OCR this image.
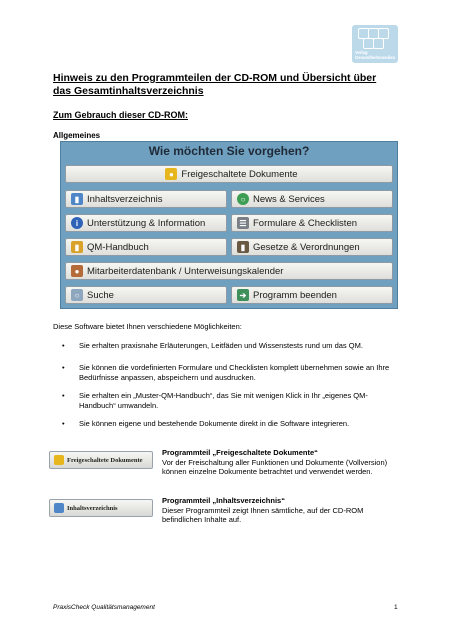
Verlag
Gesundheitsmedien
Hinweis zu den Programmteilen der CD-ROM und Übersicht über das Gesamtinhaltsverzeichnis
Zum Gebrauch dieser CD-ROM:
Allgemeines
Wie möchten Sie vorgehen?
● Freigeschaltete Dokumente
▮ Inhaltsverzeichnis	○ News & Services
i Unterstützung & Information	☰ Formulare & Checklisten
▮ QM-Handbuch	▮ Gesetze & Verordnungen
● Mitarbeiterdatenbank / Unterweisungskalender
○ Suche	➔ Programm beenden
Diese Software bietet Ihnen verschiedene Möglichkeiten:
• Sie erhalten praxisnahe Erläuterungen, Leitfäden und Wissenstests rund um das QM.
• Sie können die vordefinierten Formulare und Checklisten komplett übernehmen sowie an Ihre Bedürfnisse anpassen, abspeichern und ausdrucken.
• Sie erhalten ein „Muster-QM-Handbuch“, das Sie mit wenigen Klick in Ihr „eigenes QM-Handbuch“ umwandeln.
• Sie können eigene und bestehende Dokumente direkt in die Software integrieren.
Freigeschaltete Dokumente
Programmteil „Freigeschaltete Dokumente“
Vor der Freischaltung aller Funktionen und Dokumente (Vollversion) können einzelne Dokumente betrachtet und verwendet werden.
Inhaltsverzeichnis
Programmteil „Inhaltsverzeichnis“
Dieser Programmteil zeigt Ihnen sämtliche, auf der CD-ROM befindlichen Inhalte auf.
PraxisCheck Qualitätsmanagement	1
